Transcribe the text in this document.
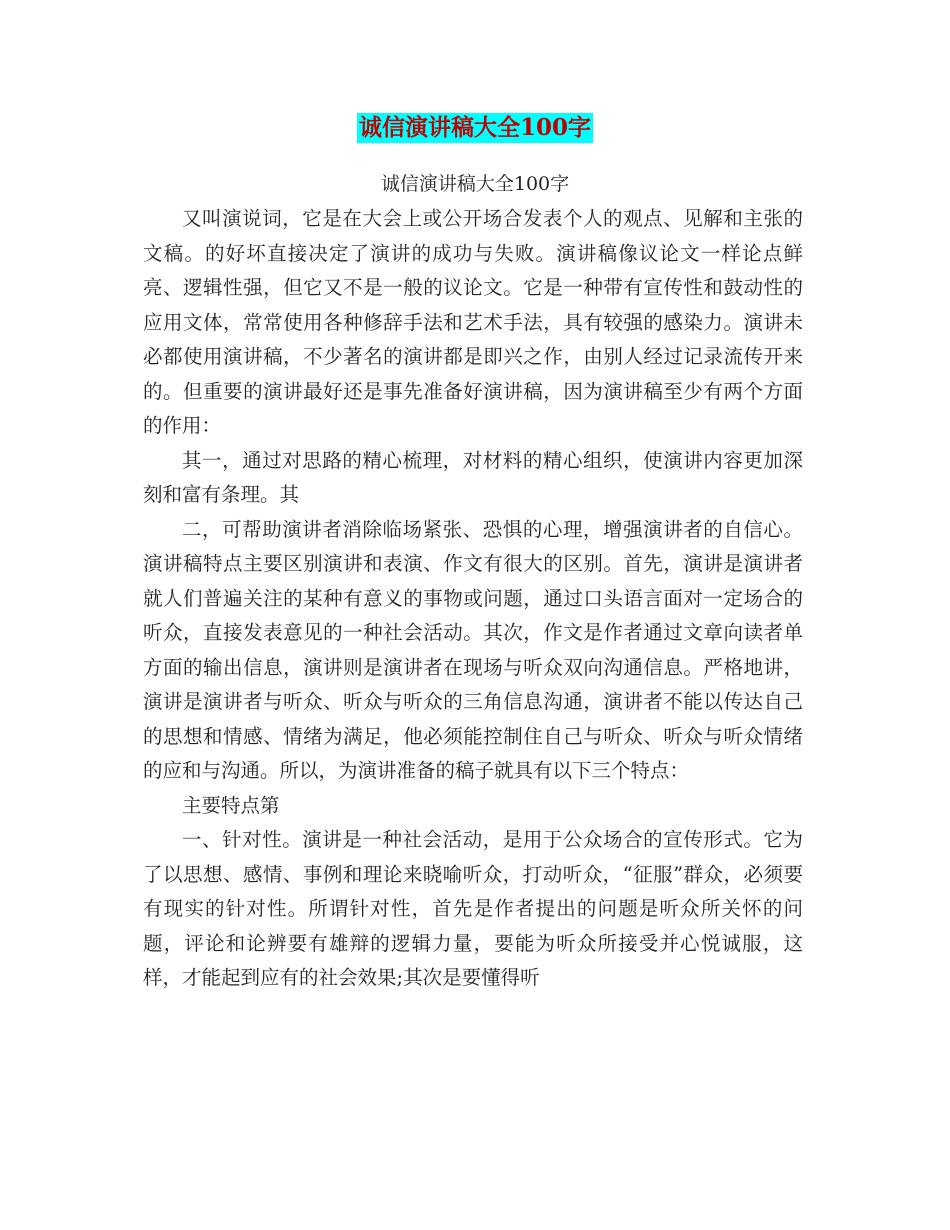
诚信演讲稿大全100字
诚信演讲稿大全100字

又叫演说词，它是在大会上或公开场合发表个人的观点、见解和主张的文稿。的好坏直接决定了演讲的成功与失败。演讲稿像议论文一样论点鲜亮、逻辑性强，但它又不是一般的议论文。它是一种带有宣传性和鼓动性的应用文体，常常使用各种修辞手法和艺术手法，具有较强的感染力。演讲未必都使用演讲稿，不少著名的演讲都是即兴之作，由别人经过记录流传开来的。但重要的演讲最好还是事先准备好演讲稿，因为演讲稿至少有两个方面的作用：

其一，通过对思路的精心梳理，对材料的精心组织，使演讲内容更加深刻和富有条理。其

二，可帮助演讲者消除临场紧张、恐惧的心理，增强演讲者的自信心。演讲稿特点主要区别演讲和表演、作文有很大的区别。首先，演讲是演讲者就人们普遍关注的某种有意义的事物或问题，通过口头语言面对一定场合的听众，直接发表意见的一种社会活动。其次，作文是作者通过文章向读者单方面的输出信息，演讲则是演讲者在现场与听众双向沟通信息。严格地讲，演讲是演讲者与听众、听众与听众的三角信息沟通，演讲者不能以传达自己的思想和情感、情绪为满足，他必须能控制住自己与听众、听众与听众情绪的应和与沟通。所以，为演讲准备的稿子就具有以下三个特点：

主要特点第

一、针对性。演讲是一种社会活动，是用于公众场合的宣传形式。它为了以思想、感情、事例和理论来晓喻听众，打动听众，“征服”群众，必须要有现实的针对性。所谓针对性，首先是作者提出的问题是听众所关怀的问题，评论和论辨要有雄辩的逻辑力量，要能为听众所接受并心悦诚服，这样，才能起到应有的社会效果;其次是要懂得听
